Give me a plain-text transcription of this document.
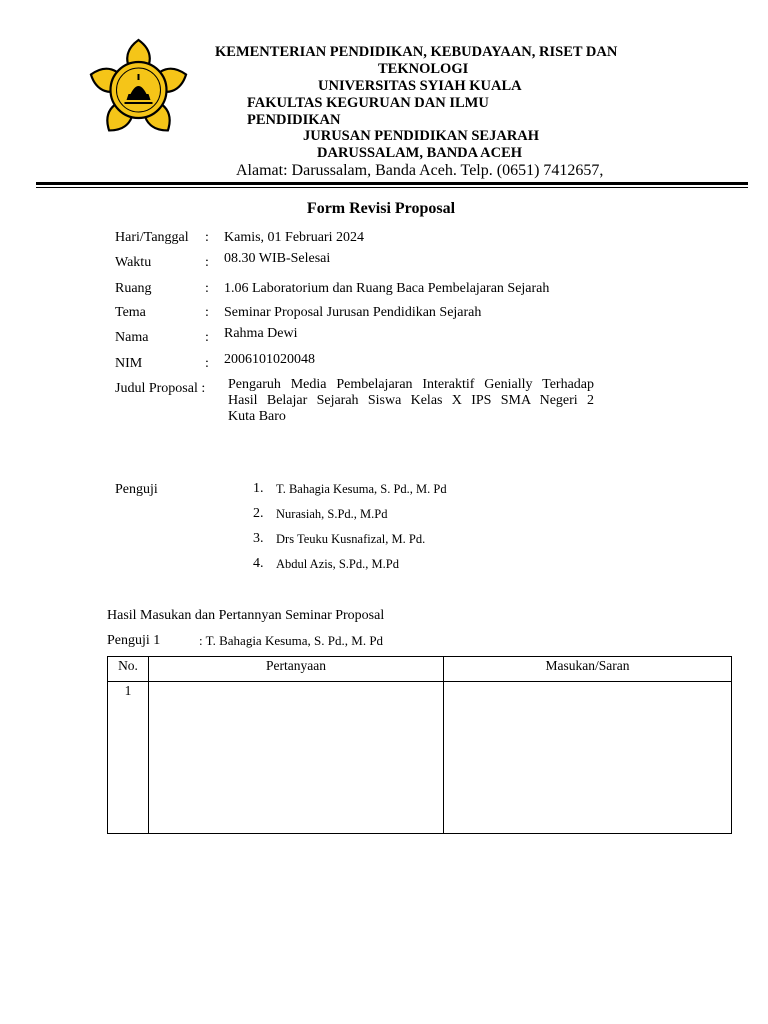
KEMENTERIAN PENDIDIKAN, KEBUDAYAAN, RISET DAN
TEKNOLOGI
UNIVERSITAS SYIAH KUALA
FAKULTAS KEGURUAN DAN ILMU
PENDIDIKAN
JURUSAN PENDIDIKAN SEJARAH
DARUSSALAM, BANDA ACEH
Alamat: Darussalam, Banda Aceh. Telp. (0651) 7412657,
Form Revisi Proposal
Hari/Tanggal : Kamis, 01 Februari 2024
Waktu	: 08.30 WIB-Selesai
Ruang	: 1.06 Laboratorium dan Ruang Baca Pembelajaran Sejarah
Tema	: Seminar Proposal Jurusan Pendidikan Sejarah
Nama	: Rahma Dewi
NIM	: 2006101020048
Judul Proposal : Pengaruh Media Pembelajaran Interaktif Genially Terhadap
Hasil Belajar Sejarah Siswa Kelas X IPS SMA Negeri 2
Kuta Baro
Penguji	1. T. Bahagia Kesuma, S. Pd., M. Pd
2. Nurasiah, S.Pd., M.Pd
3. Drs Teuku Kusnafizal, M. Pd.
4. Abdul Azis, S.Pd., M.Pd
Hasil Masukan dan Pertannyan Seminar Proposal
Penguji 1	: T. Bahagia Kesuma, S. Pd., M. Pd
No.	Pertanyaan	Masukan/Saran
1		
